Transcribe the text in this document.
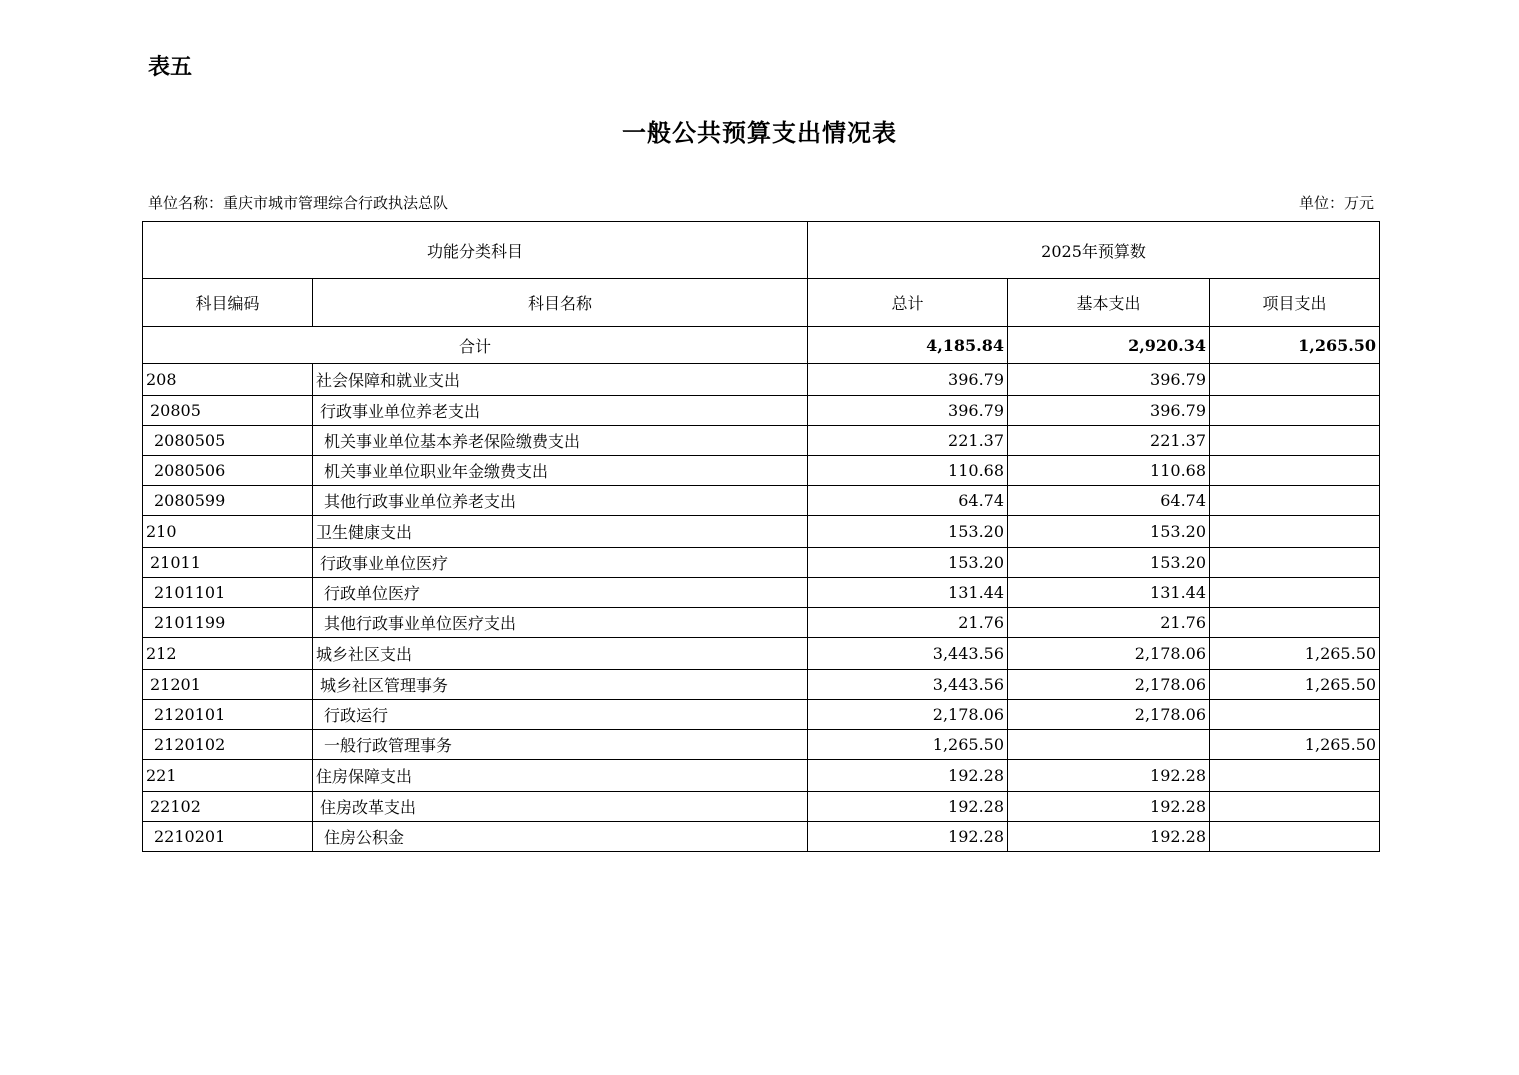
表五
一般公共预算支出情况表
单位名称：重庆市城市管理综合行政执法总队	单位：万元
功能分类科目		2025年预算数		
科目编码	科目名称	总计	基本支出	项目支出
合计		4,185.84	2,920.34	1,265.50
208	社会保障和就业支出	396.79	396.79	
20805	行政事业单位养老支出	396.79	396.79	
2080505	机关事业单位基本养老保险缴费支出	221.37	221.37	
2080506	机关事业单位职业年金缴费支出	110.68	110.68	
2080599	其他行政事业单位养老支出	64.74	64.74	
210	卫生健康支出	153.20	153.20	
21011	行政事业单位医疗	153.20	153.20	
2101101	行政单位医疗	131.44	131.44	
2101199	其他行政事业单位医疗支出	21.76	21.76	
212	城乡社区支出	3,443.56	2,178.06	1,265.50
21201	城乡社区管理事务	3,443.56	2,178.06	1,265.50
2120101	行政运行	2,178.06	2,178.06	
2120102	一般行政管理事务	1,265.50		1,265.50
221	住房保障支出	192.28	192.28	
22102	住房改革支出	192.28	192.28	
2210201	住房公积金	192.28	192.28	
